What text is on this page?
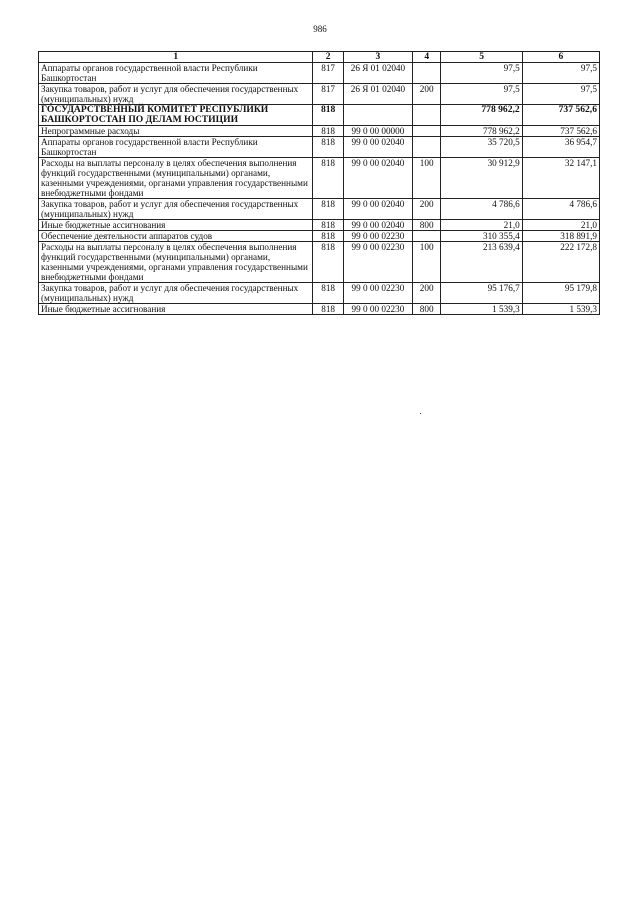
986
1	2	3	4	5	6
Аппараты органов государственной власти Республики Башкортостан	817	26 Я 01 02040		97,5	97,5
Закупка товаров, работ и услуг для обеспечения государственных (муниципальных) нужд	817	26 Я 01 02040	200	97,5	97,5
ГОСУДАРСТВЕННЫЙ КОМИТЕТ РЕСПУБЛИКИ БАШКОРТОСТАН ПО ДЕЛАМ ЮСТИЦИИ	818			778 962,2	737 562,6
Непрограммные расходы	818	99 0 00 00000		778 962,2	737 562,6
Аппараты органов государственной власти Республики Башкортостан	818	99 0 00 02040		35 720,5	36 954,7
Расходы на выплаты персоналу в целях обеспечения выполнения функций государственными (муниципальными) органами, казенными учреждениями, органами управления государственными внебюджетными фондами	818	99 0 00 02040	100	30 912,9	32 147,1
Закупка товаров, работ и услуг для обеспечения государственных (муниципальных) нужд	818	99 0 00 02040	200	4 786,6	4 786,6
Иные бюджетные ассигнования	818	99 0 00 02040	800	21,0	21,0
Обеспечение деятельности аппаратов судов	818	99 0 00 02230		310 355,4	318 891,9
Расходы на выплаты персоналу в целях обеспечения выполнения функций государственными (муниципальными) органами, казенными учреждениями, органами управления государственными внебюджетными фондами	818	99 0 00 02230	100	213 639,4	222 172,8
Закупка товаров, работ и услуг для обеспечения государственных (муниципальных) нужд	818	99 0 00 02230	200	95 176,7	95 179,8
Иные бюджетные ассигнования	818	99 0 00 02230	800	1 539,3	1 539,3
